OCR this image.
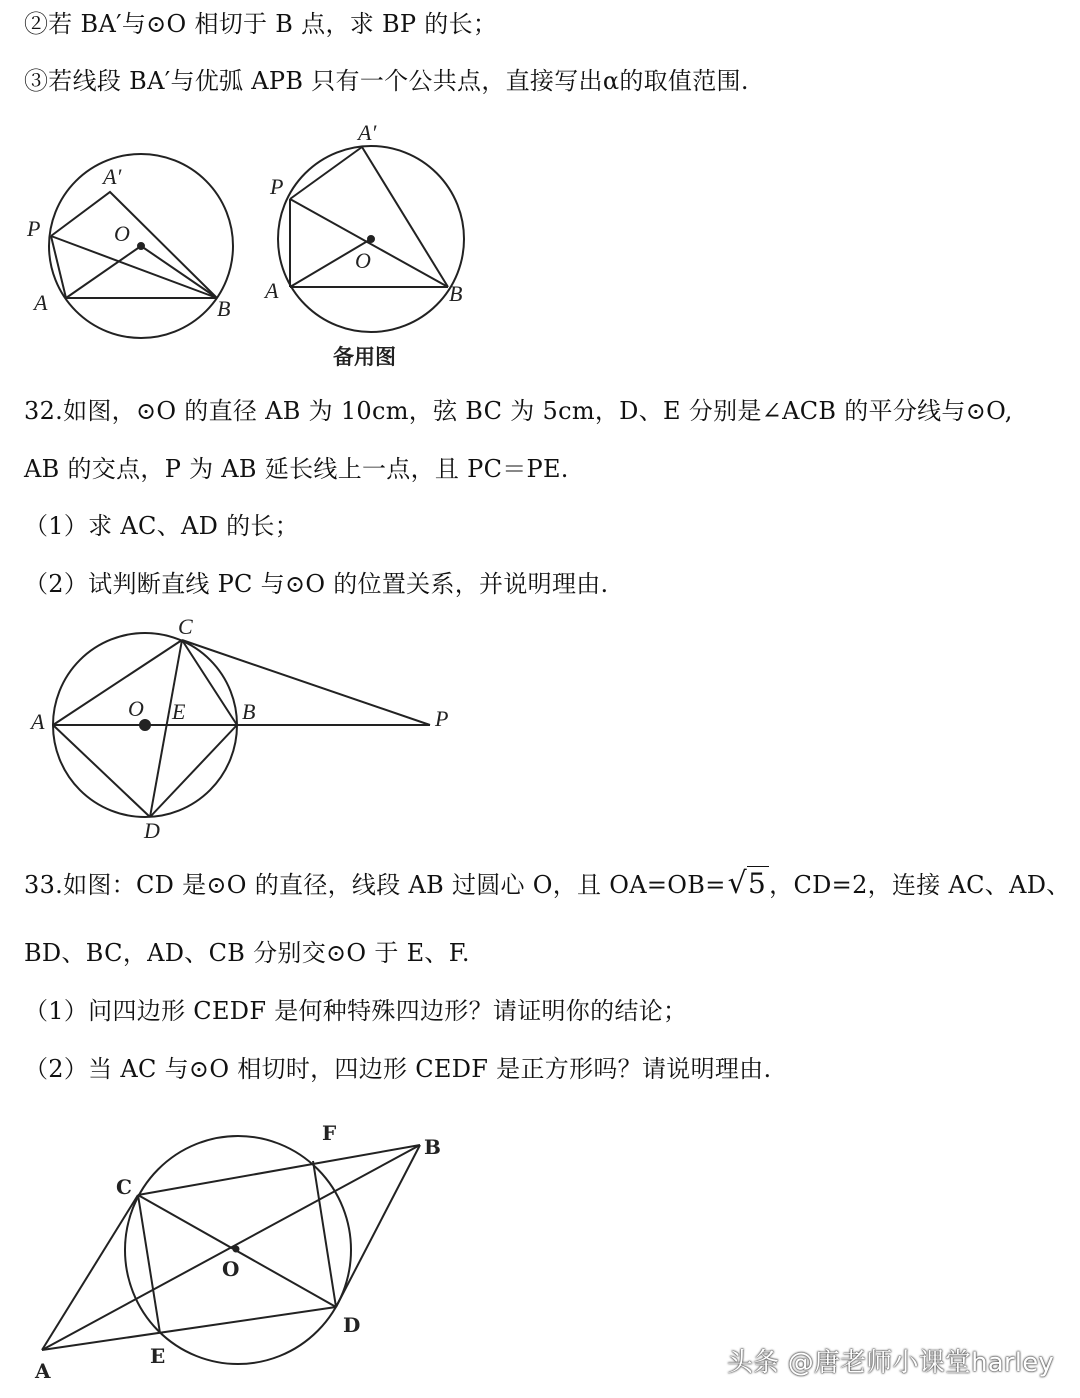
②若 BA′与⊙O 相切于 B 点，求 BP 的长；
③若线段 BA′与优弧 APB 只有一个公共点，直接写出α的取值范围.
P
A′
O
A	B
A′
P
O
A	B
备用图
32.如图，⊙O 的直径 AB 为 10cm，弦 BC 为 5cm，D、E 分别是∠ACB 的平分线与⊙O,
AB 的交点，P 为 AB 延长线上一点，且 PC＝PE.
（1）求 AC、AD 的长；
（2）试判断直线 PC 与⊙O 的位置关系，并说明理由.
C
A
O E	B	P
D
33.如图：CD 是⊙O 的直径，线段 AB 过圆心 O，且 OA=OB=√5 ，CD=2，连接 AC、AD、
BD、BC，AD、CB 分别交⊙O 于 E、F.
（1）问四边形 CEDF 是何种特殊四边形？请证明你的结论；
（2）当 AC 与⊙O 相切时，四边形 CEDF 是正方形吗？请说明理由.
F
B
C
O
D
A
E	头条 @唐老师小课堂harley
